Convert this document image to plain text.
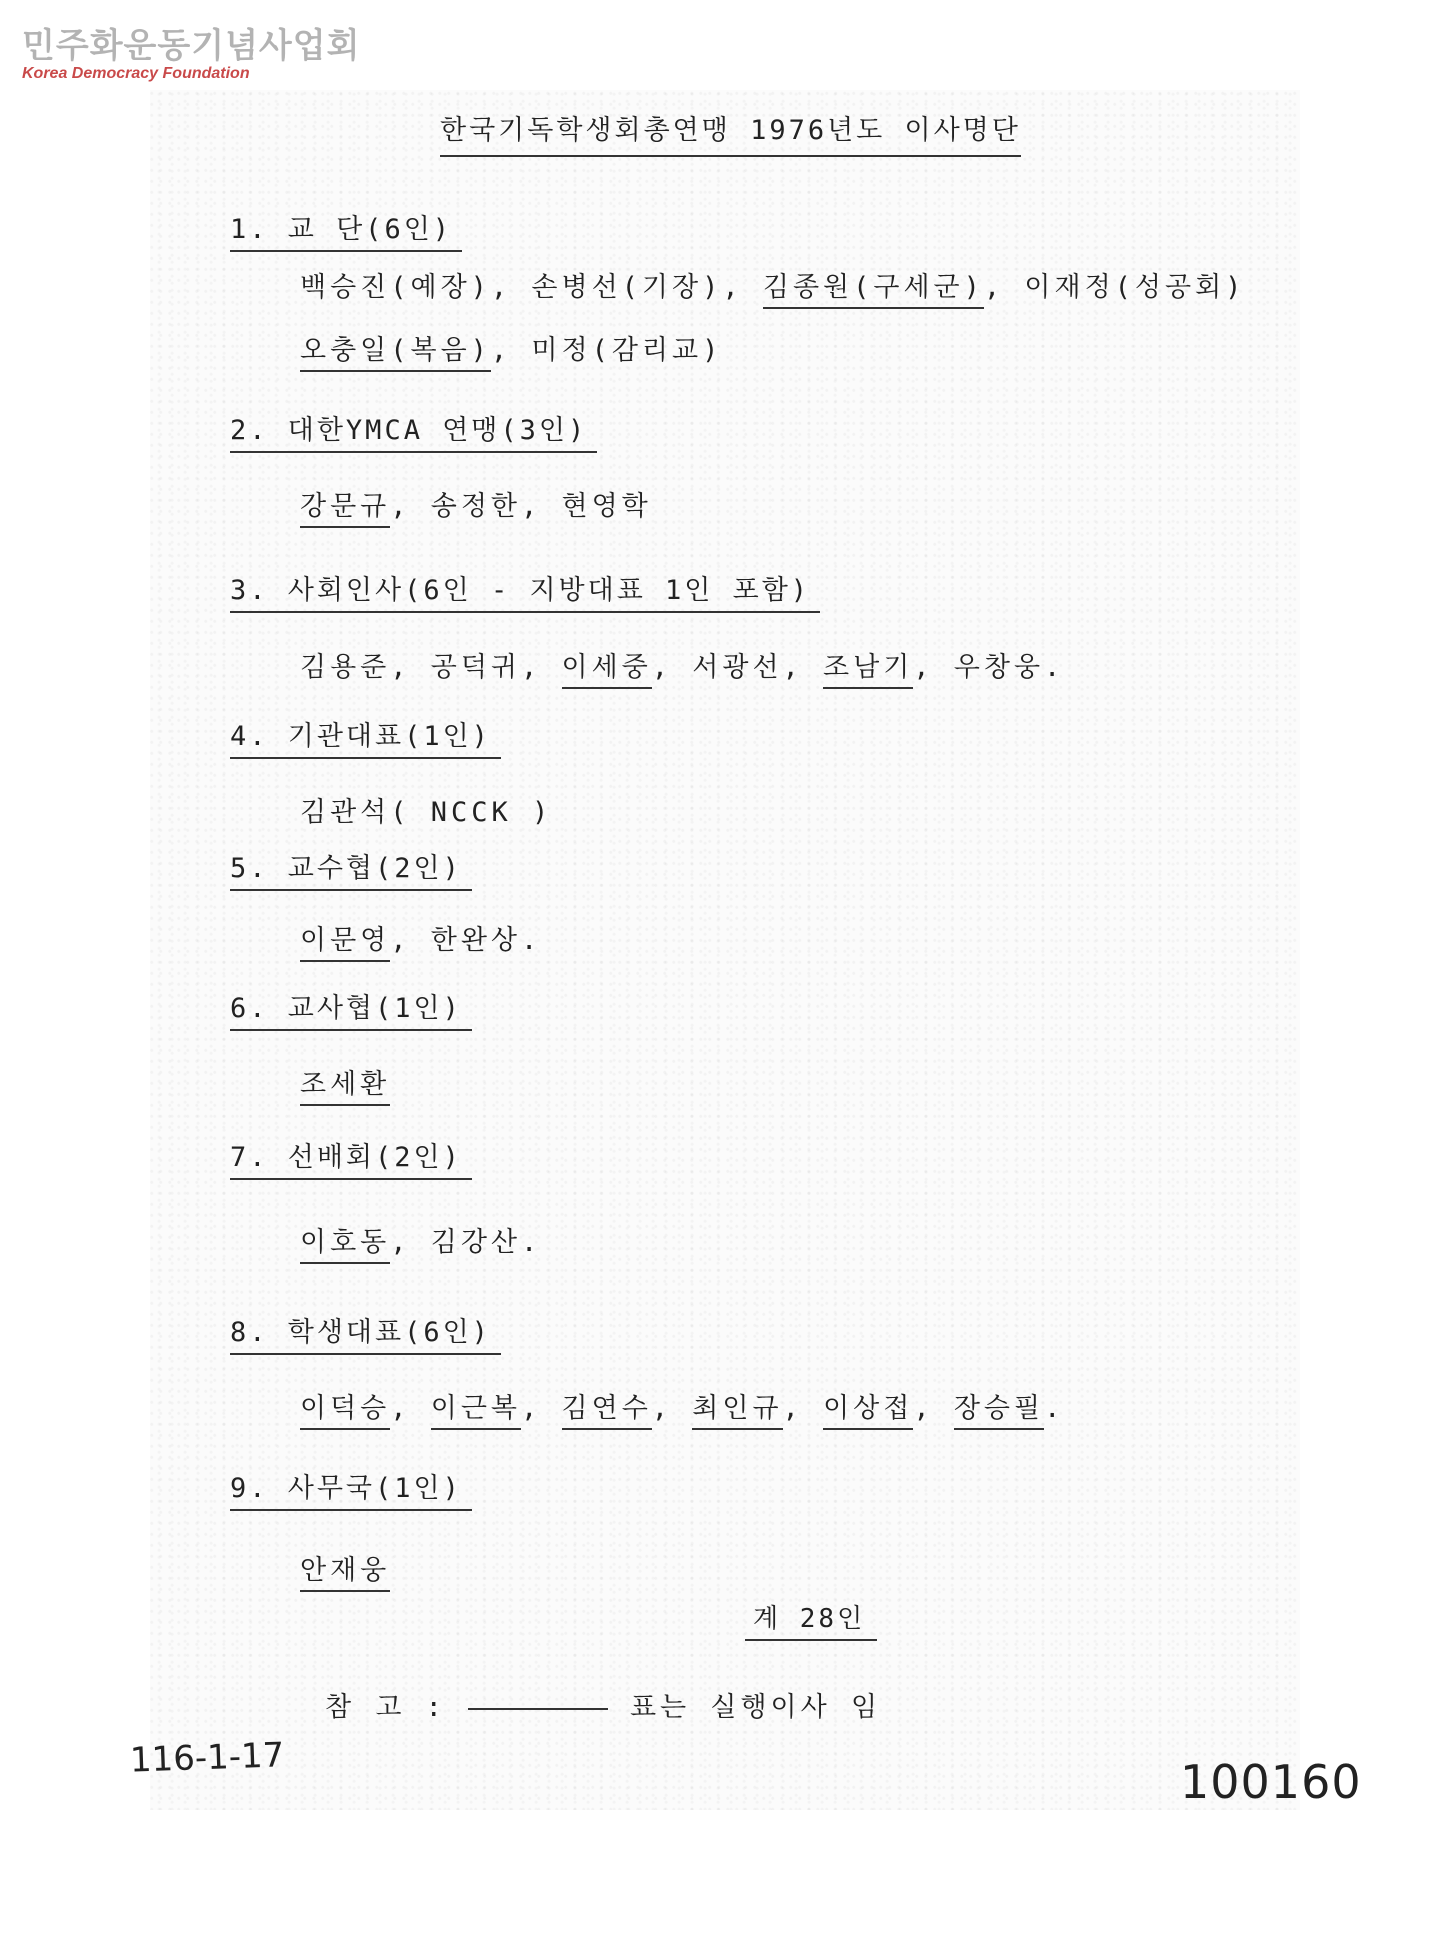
민주화운동기념사업회
Korea Democracy Foundation
한국기독학생회총연맹 1976년도 이사명단
1. 교 단(6인)
백승진(예장), 손병선(기장), 김종원(구세군), 이재정(성공회)
오충일(복음), 미정(감리교)
2. 대한YMCA 연맹(3인)
강문규, 송정한, 현영학
3. 사회인사(6인 - 지방대표 1인 포함)
김용준, 공덕귀, 이세중, 서광선, 조남기, 우창웅.
4. 기관대표(1인)
김관석( NCCK )
5. 교수협(2인)
이문영, 한완상.
6. 교사협(1인)
조세환
7. 선배회(2인)
이호동, 김강산.
8. 학생대표(6인)
이덕승, 이근복, 김연수, 최인규, 이상접, 장승필.
9. 사무국(1인)
안재웅
계 28인
참 고 :	표는 실행이사 임
116-1-17	100160
